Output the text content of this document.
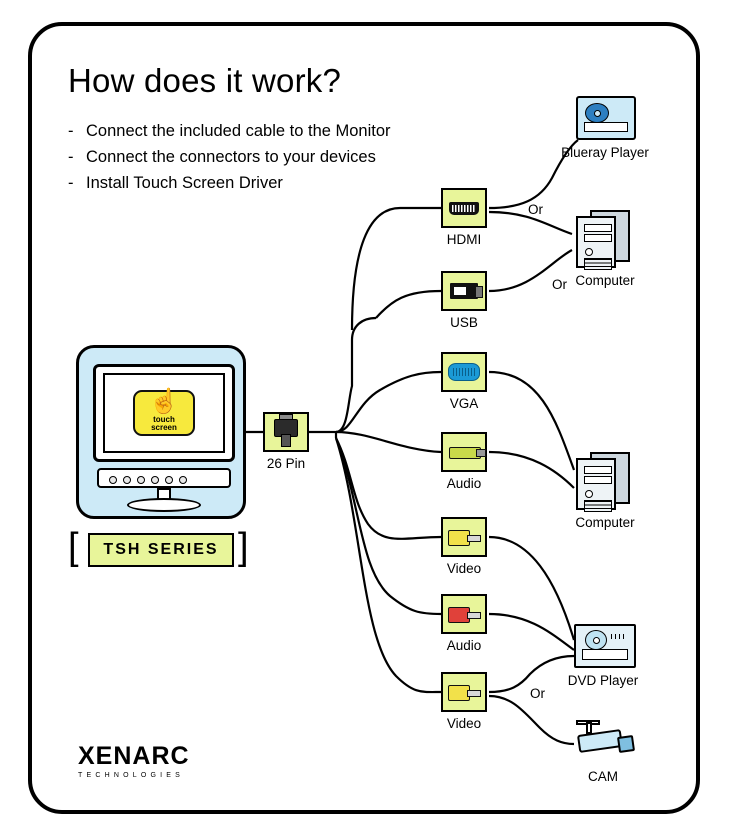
How does it work?
- Connect the included cable to the Monitor
- Connect the connectors to your devices
- Install Touch Screen Driver
☝
touch
screen
[	TSH SERIES ]
XENARC
TECHNOLOGIES
26 Pin
HDMI
USB
VGA
Audio
Video
Audio
Video
Blueray Player
Computer
Computer
DVD Player
CAM
Or
Or
Or
